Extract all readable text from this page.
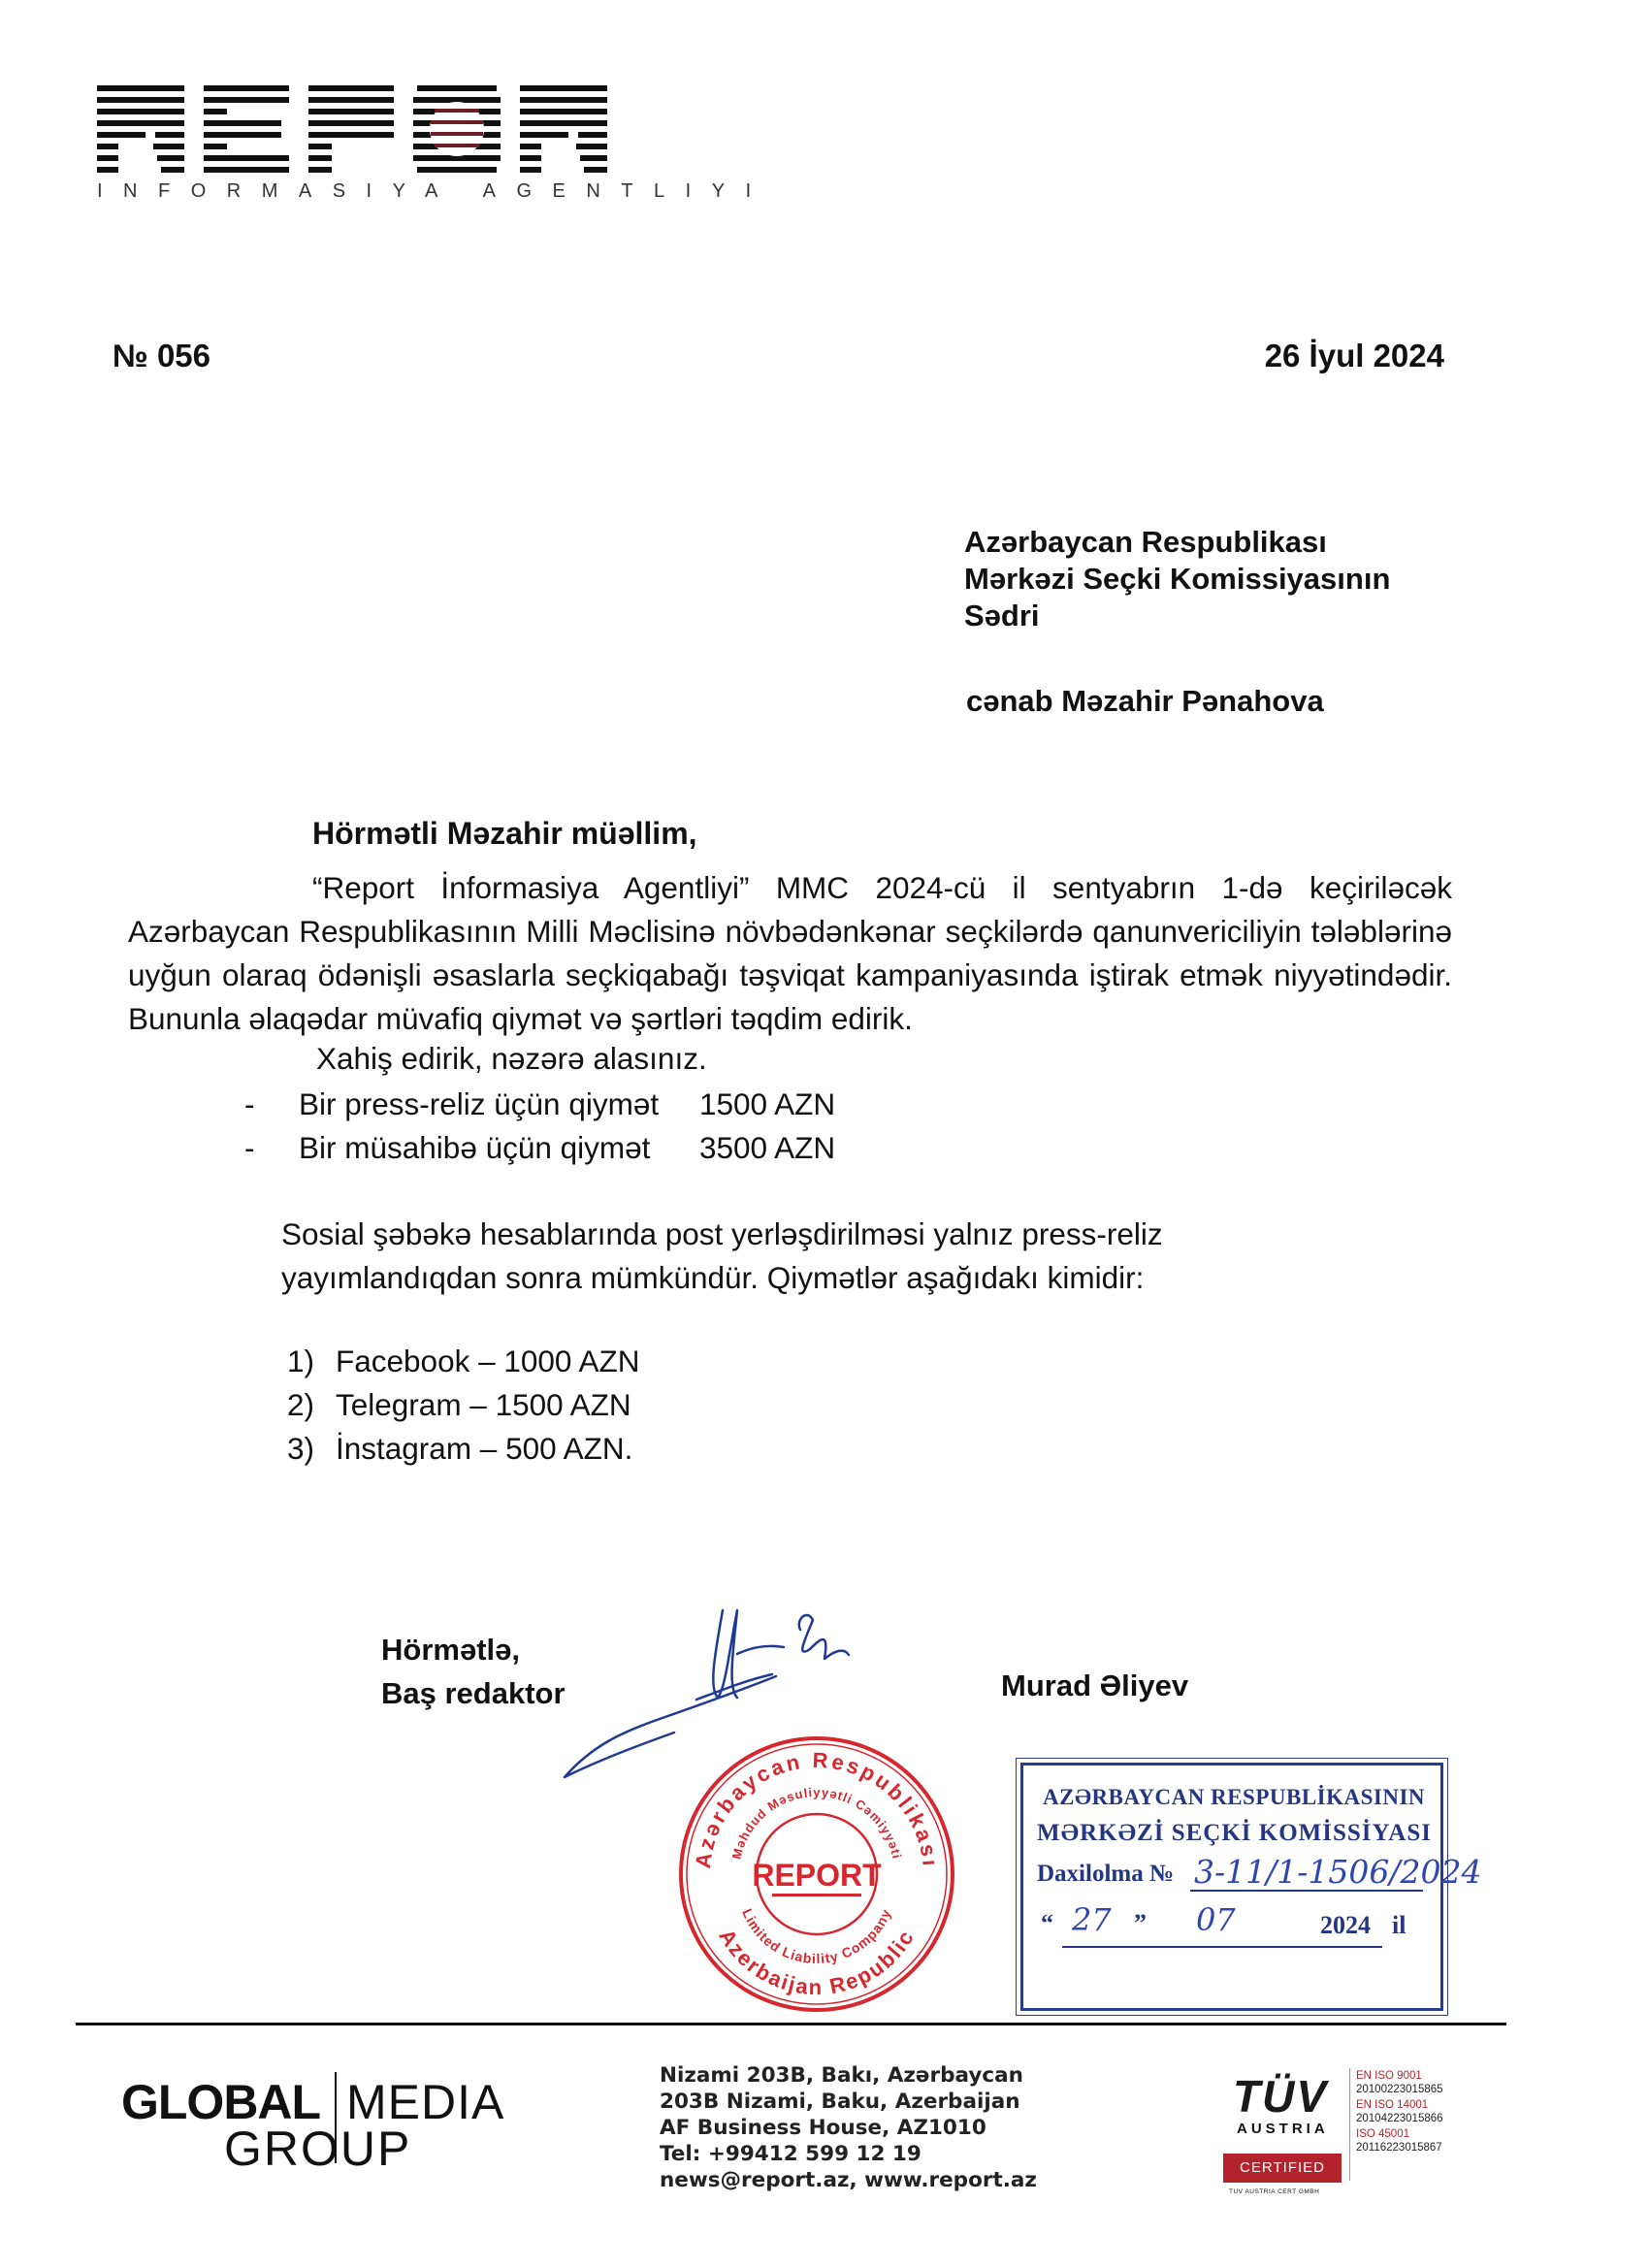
INFORMASIYA AGENTLIYI
№ 056	26 İyul 2024
Azərbaycan Respublikası
Mərkəzi Seçki Komissiyasının
Sədri
cənab Məzahir Pənahova
Hörmətli Məzahir müəllim,
“Report İnformasiya Agentliyi” MMC 2024-cü il sentyabrın 1-də keçiriləcək Azərbaycan Respublikasının Milli Məclisinə növbədənkənar seçkilərdə qanunvericiliyin tələblərinə uyğun olaraq ödənişli əsaslarla seçkiqabağı təşviqat kampaniyasında iştirak etmək niyyətindədir. Bununla əlaqədar müvafiq qiymət və şərtləri təqdim edirik.
Xahiş edirik, nəzərə alasınız.
- Bir press-reliz üçün qiymət 1500 AZN
- Bir müsahibə üçün qiymət 3500 AZN
Sosial şəbəkə hesablarında post yerləşdirilməsi yalnız press-reliz yayımlandıqdan sonra mümkündür. Qiymətlər aşağıdakı kimidir:
1) Facebook – 1000 AZN
2) Telegram – 1500 AZN
3) İnstagram – 500 AZN.
Hörmətlə,
Baş redaktor	Murad Əliyev
Azərbaycan Respublikası
Məhdud Məsuliyyətli Cəmiyyəti
Azerbaijan Republic
Limited Liability Company
REPORT
AZƏRBAYCAN RESPUBLİKASININ
MƏRKƏZİ SEÇKİ KOMİSSİYASI
Daxilolma № 3-11/1-1506/2024
“ 27 ” 07	2024 il
GLOBAL MEDIA
GROUP
Nizami 203B, Bakı, Azərbaycan
203B Nizami, Baku, Azerbaijan
AF Business House, AZ1010
Tel: +99412 599 12 19
news@report.az, www.report.az
TÜV
AUSTRIA
CERTIFIED
TUV AUSTRIA CERT GMBH
EN ISO 9001
20100223015865
EN ISO 14001
20104223015866
ISO 45001
20116223015867
